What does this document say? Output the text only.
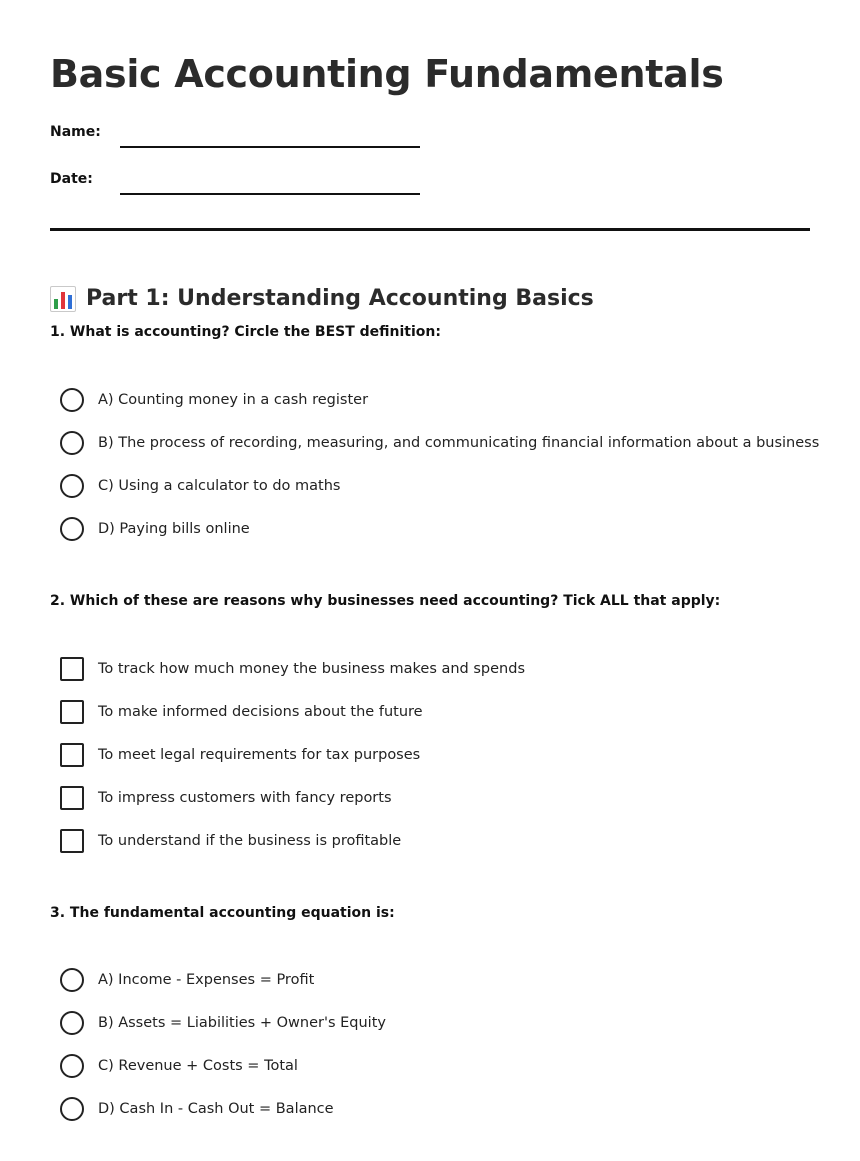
Basic Accounting Fundamentals
Name:
Date:
Part 1: Understanding Accounting Basics
1. What is accounting? Circle the BEST definition:
A) Counting money in a cash register
B) The process of recording, measuring, and communicating financial information about a business
C) Using a calculator to do maths
D) Paying bills online
2. Which of these are reasons why businesses need accounting? Tick ALL that apply:
To track how much money the business makes and spends
To make informed decisions about the future
To meet legal requirements for tax purposes
To impress customers with fancy reports
To understand if the business is profitable
3. The fundamental accounting equation is:
A) Income - Expenses = Profit
B) Assets = Liabilities + Owner's Equity
C) Revenue + Costs = Total
D) Cash In - Cash Out = Balance
